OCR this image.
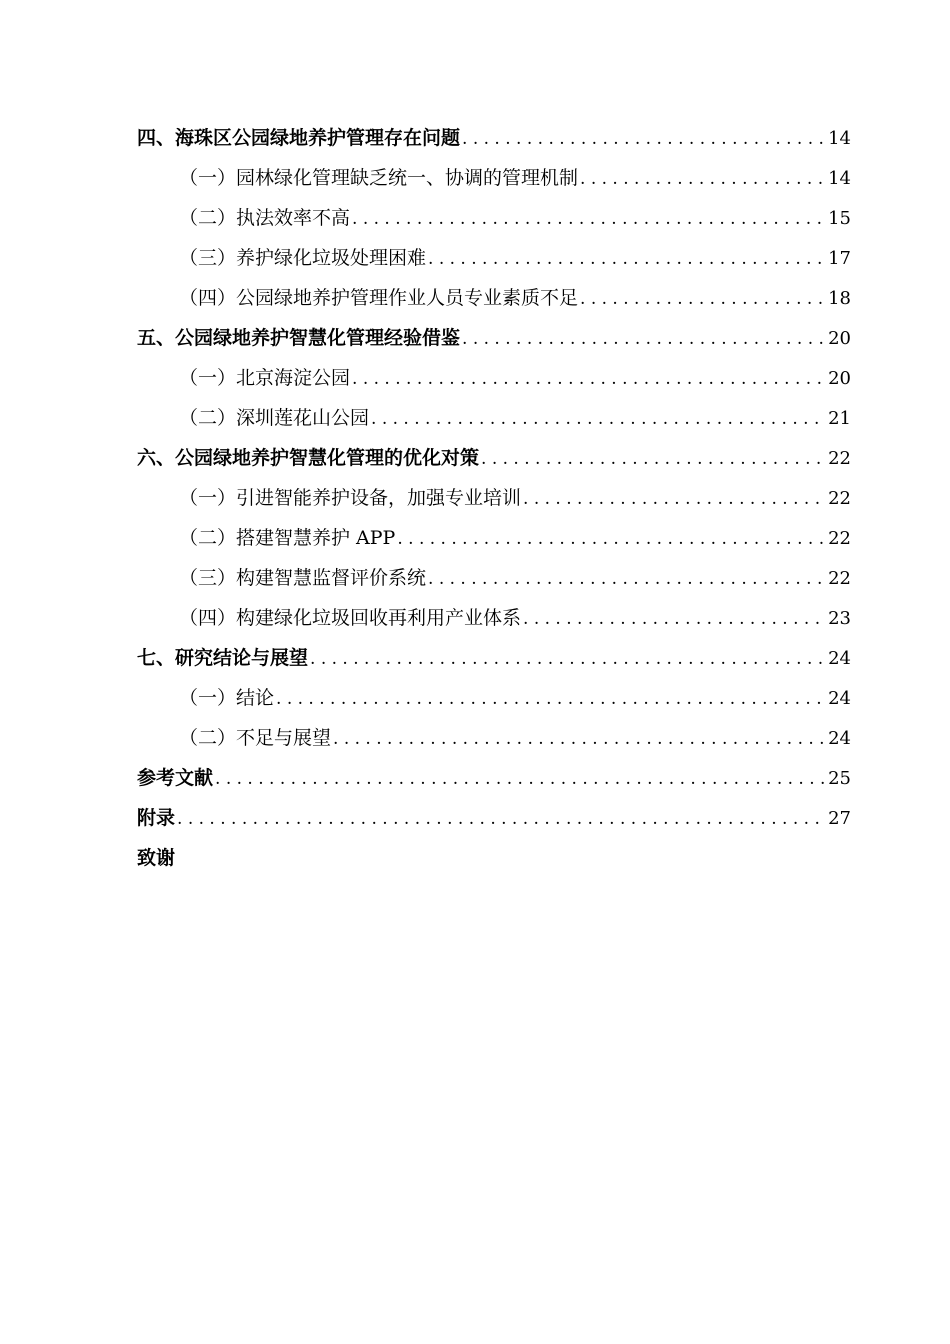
四、海珠区公园绿地养护管理存在问题 .....	14
（一）园林绿化管理缺乏统一、协调的管理机制 .....	14
（二）执法效率不高 .....	15
（三）养护绿化垃圾处理困难 .....	17
（四）公园绿地养护管理作业人员专业素质不足 .....	18
五、公园绿地养护智慧化管理经验借鉴 .....	20
（一）北京海淀公园 .....	20
（二）深圳莲花山公园 .....	21
六、公园绿地养护智慧化管理的优化对策 .....	22
（一）引进智能养护设备，加强专业培训 .....	22
（二）搭建智慧养护 APP .....	22
（三）构建智慧监督评价系统 .....	22
（四）构建绿化垃圾回收再利用产业体系 .....	23
七、研究结论与展望 .....	24
（一）结论 .....	24
（二）不足与展望 .....	24
参考文献 .....	25
附录 .....	27
致谢
